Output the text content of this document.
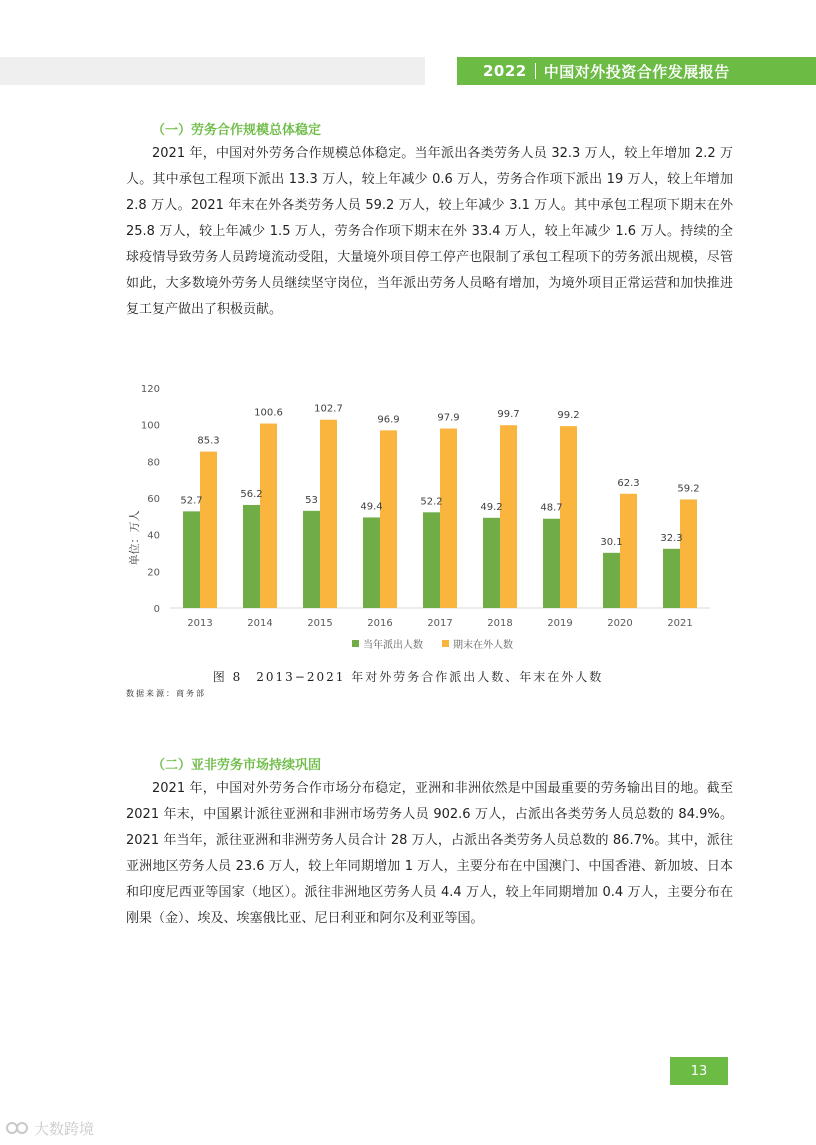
2022 中国对外投资合作发展报告
（一）劳务合作规模总体稳定

2021 年，中国对外劳务合作规模总体稳定。当年派出各类劳务人员 32.3 万人，较上年增加 2.2 万人。其中承包工程项下派出 13.3 万人，较上年减少 0.6 万人，劳务合作项下派出 19 万人，较上年增加 2.8 万人。2021 年末在外各类劳务人员 59.2 万人，较上年减少 3.1 万人。其中承包工程项下期末在外 25.8 万人，较上年减少 1.5 万人，劳务合作项下期末在外 33.4 万人，较上年减少 1.6 万人。持续的全球疫情导致劳务人员跨境流动受阻，大量境外项目停工停产也限制了承包工程项下的劳务派出规模，尽管如此，大多数境外劳务人员继续坚守岗位，当年派出劳务人员略有增加，为境外项目正常运营和加快推进复工复产做出了积极贡献。

0
20
40
60
80
100
120
单位：万人
52.7
85.3
56.2
100.6
53
102.7
49.4
96.9
52.2
97.9
49.2
99.7
48.7
99.2
30.1
62.3
32.3
59.2
2013	2014	2015	2016	2017	2018	2019	2020	2021
当年派出人数	期末在外人数
图 8　2013−2021 年对外劳务合作派出人数、年末在外人数
数据来源：商务部
（二）亚非劳务市场持续巩固

2021 年，中国对外劳务合作市场分布稳定，亚洲和非洲依然是中国最重要的劳务输出目的地。截至 2021 年末，中国累计派往亚洲和非洲市场劳务人员 902.6 万人，占派出各类劳务人员总数的 84.9%。2021 年当年，派往亚洲和非洲劳务人员合计 28 万人，占派出各类劳务人员总数的 86.7%。其中，派往亚洲地区劳务人员 23.6 万人，较上年同期增加 1 万人，主要分布在中国澳门、中国香港、新加坡、日本和印度尼西亚等国家（地区）。派往非洲地区劳务人员 4.4 万人，较上年同期增加 0.4 万人，主要分布在刚果（金）、埃及、埃塞俄比亚、尼日利亚和阿尔及利亚等国。

13
大数跨境
